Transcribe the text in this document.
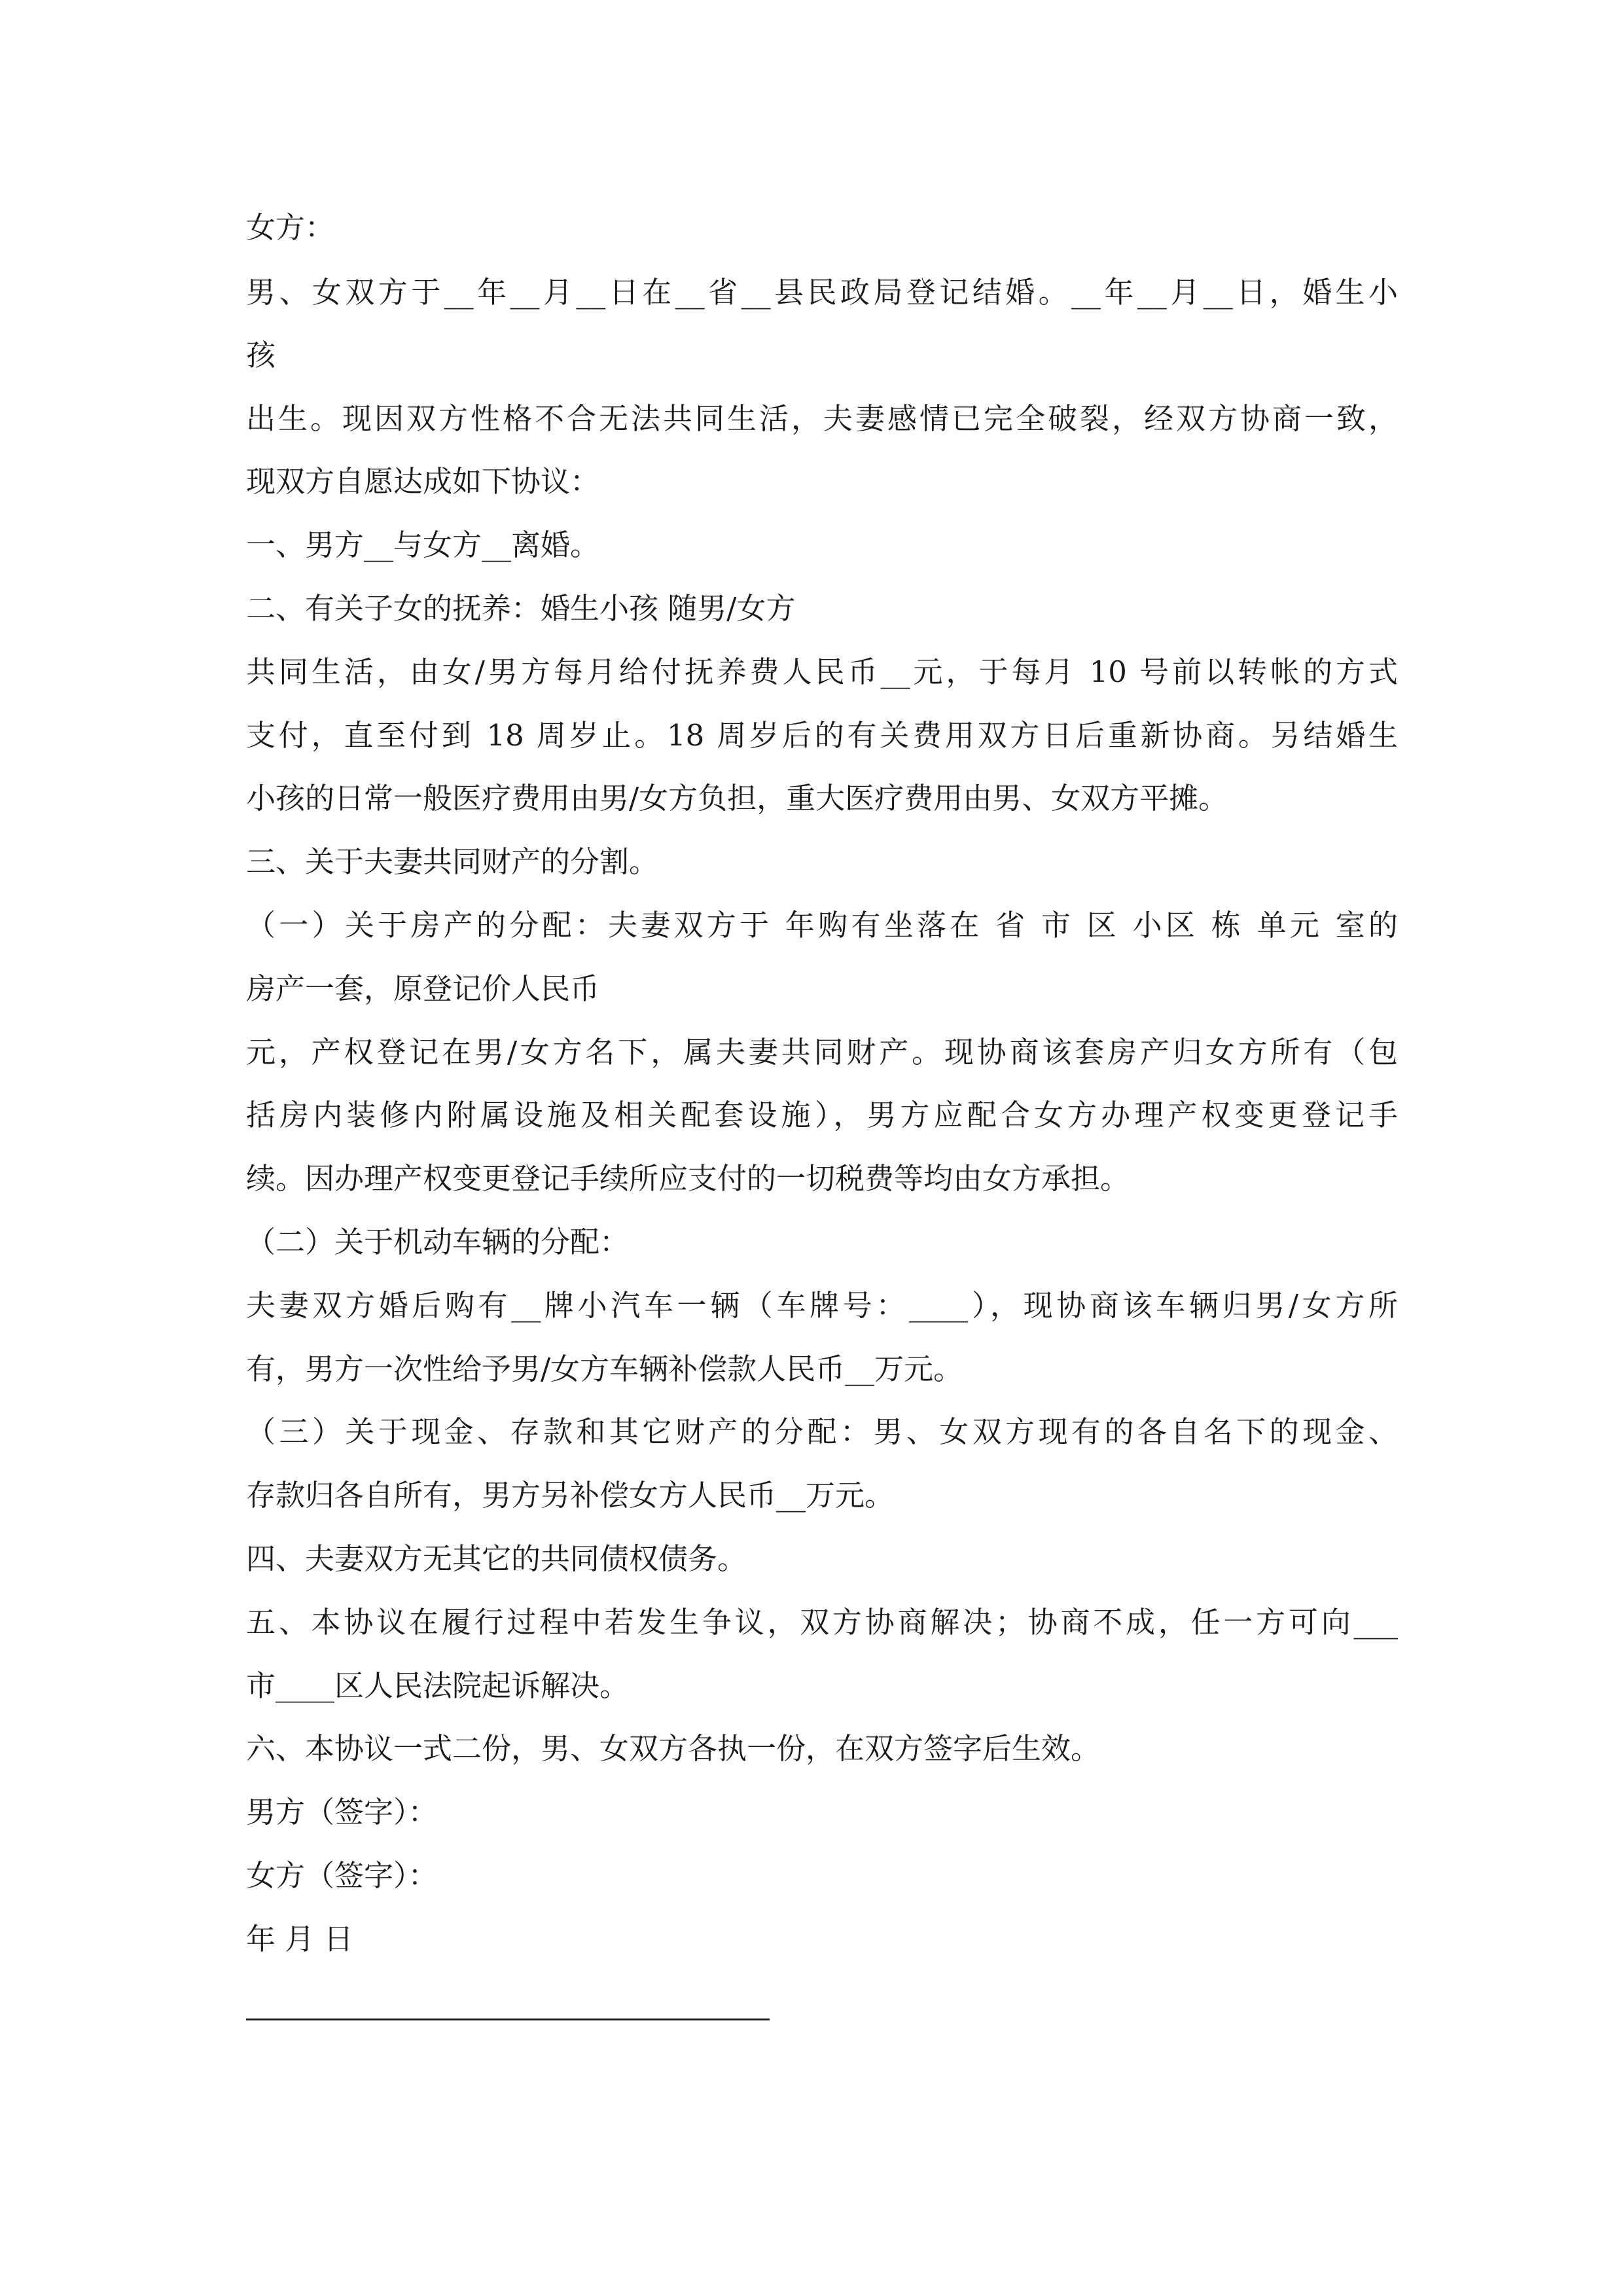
女方：
男、女双方于__年__月__日在__省__县民政局登记结婚。__年__月__日，婚生小
孩
出生。现因双方性格不合无法共同生活，夫妻感情已完全破裂，经双方协商一致，
现双方自愿达成如下协议：
一、男方__与女方__离婚。
二、有关子女的抚养：婚生小孩 随男/女方
共同生活，由女/男方每月给付抚养费人民币__元，于每月 10 号前以转帐的方式
支付，直至付到 18 周岁止。18 周岁后的有关费用双方日后重新协商。另结婚生
小孩的日常一般医疗费用由男/女方负担，重大医疗费用由男、女双方平摊。
三、关于夫妻共同财产的分割。
（一）关于房产的分配：夫妻双方于 年购有坐落在 省 市 区 小区 栋 单元 室的
房产一套，原登记价人民币
元，产权登记在男/女方名下，属夫妻共同财产。现协商该套房产归女方所有（包
括房内装修内附属设施及相关配套设施），男方应配合女方办理产权变更登记手
续。因办理产权变更登记手续所应支付的一切税费等均由女方承担。
（二）关于机动车辆的分配：
夫妻双方婚后购有__牌小汽车一辆（车牌号：____），现协商该车辆归男/女方所
有，男方一次性给予男/女方车辆补偿款人民币__万元。
（三）关于现金、存款和其它财产的分配：男、女双方现有的各自名下的现金、
存款归各自所有，男方另补偿女方人民币__万元。
四、夫妻双方无其它的共同债权债务。
五、本协议在履行过程中若发生争议，双方协商解决；协商不成，任一方可向___
市____区人民法院起诉解决。
六、本协议一式二份，男、女双方各执一份，在双方签字后生效。
男方（签字）：
女方（签字）：
年 月 日
